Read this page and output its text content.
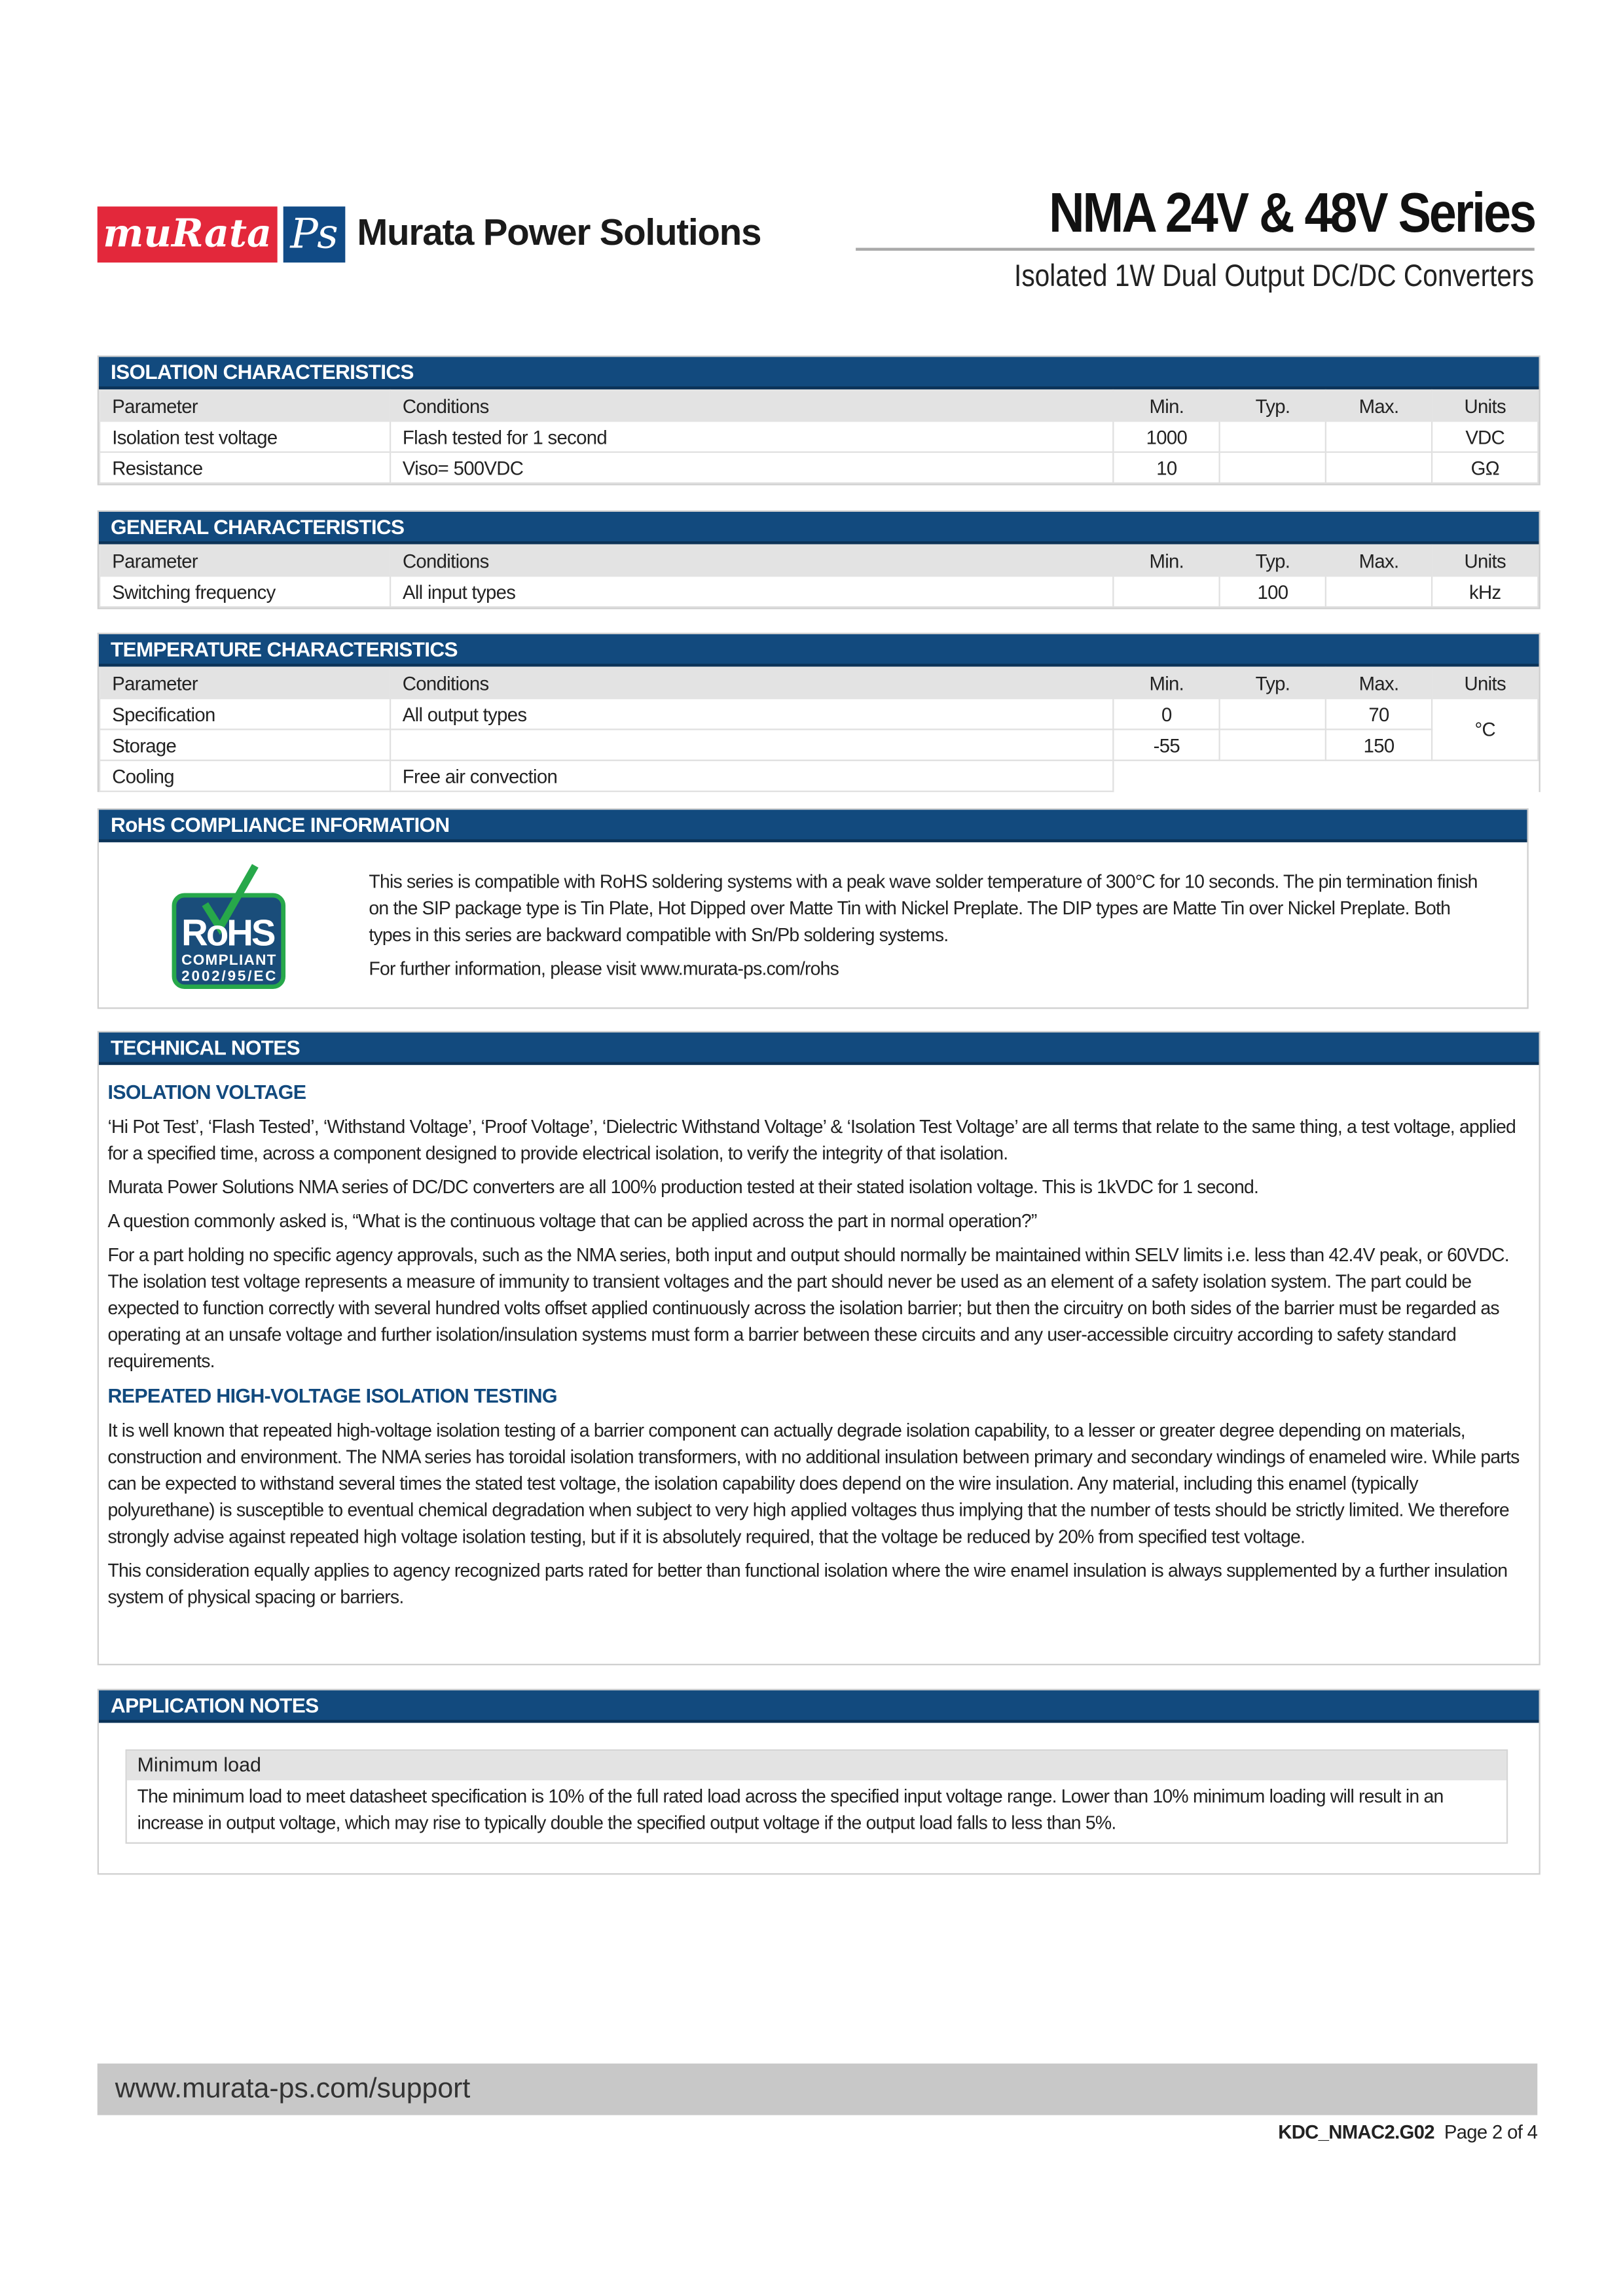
muRata	Ps	Murata Power Solutions	NMA 24V & 48V Series
Isolated 1W Dual Output DC/DC Converters
ISOLATION CHARACTERISTICS
Parameter	Conditions	Min.	Typ.	Max.	Units
Isolation test voltage	Flash tested for 1 second	1000			VDC
Resistance	Viso= 500VDC	10			GΩ
GENERAL CHARACTERISTICS
Parameter	Conditions	Min.	Typ.	Max.	Units
Switching frequency	All input types		100		kHz
TEMPERATURE CHARACTERISTICS
Parameter	Conditions	Min.	Typ.	Max.	Units
Specification	All output types	0		70	°C
Storage		-55		150	
Cooling	Free air convection				
RoHS COMPLIANCE INFORMATION
RoHS
COMPLIANT
2002/95/EC

This series is compatible with RoHS soldering systems with a peak wave solder temperature of 300°C for 10 seconds. The pin termination finish on the SIP package type is Tin Plate, Hot Dipped over Matte Tin with Nickel Preplate. The DIP types are Matte Tin over Nickel Preplate. Both types in this series are backward compatible with Sn/Pb soldering systems.

For further information, please visit www.murata-ps.com/rohs

TECHNICAL NOTES
ISOLATION VOLTAGE

‘Hi Pot Test’, ‘Flash Tested’, ‘Withstand Voltage’, ‘Proof Voltage’, ‘Dielectric Withstand Voltage’ & ‘Isolation Test Voltage’ are all terms that relate to the same thing, a test voltage, applied for a specified time, across a component designed to provide electrical isolation, to verify the integrity of that isolation.

Murata Power Solutions NMA series of DC/DC converters are all 100% production tested at their stated isolation voltage. This is 1kVDC for 1 second.

A question commonly asked is, “What is the continuous voltage that can be applied across the part in normal operation?”

For a part holding no specific agency approvals, such as the NMA series, both input and output should normally be maintained within SELV limits i.e. less than 42.4V peak, or 60VDC. The isolation test voltage represents a measure of immunity to transient voltages and the part should never be used as an element of a safety isolation system. The part could be expected to function correctly with several hundred volts offset applied continuously across the isolation barrier; but then the circuitry on both sides of the barrier must be regarded as operating at an unsafe voltage and further isolation/insulation systems must form a barrier between these circuits and any user-accessible circuitry according to safety standard requirements.

REPEATED HIGH-VOLTAGE ISOLATION TESTING

It is well known that repeated high-voltage isolation testing of a barrier component can actually degrade isolation capability, to a lesser or greater degree depending on materials, construction and environment. The NMA series has toroidal isolation transformers, with no additional insulation between primary and secondary windings of enameled wire. While parts can be expected to withstand several times the stated test voltage, the isolation capability does depend on the wire insulation. Any material, including this enamel (typically polyurethane) is susceptible to eventual chemical degradation when subject to very high applied voltages thus implying that the number of tests should be strictly limited. We therefore strongly advise against repeated high voltage isolation testing, but if it is absolutely required, that the voltage be reduced by 20% from specified test voltage.

This consideration equally applies to agency recognized parts rated for better than functional isolation where the wire enamel insulation is always supplemented by a further insulation system of physical spacing or barriers.

APPLICATION NOTES
Minimum load
The minimum load to meet datasheet specification is 10% of the full rated load across the specified input voltage range. Lower than 10% minimum loading will result in an increase in output voltage, which may rise to typically double the specified output voltage if the output load falls to less than 5%.
www.murata-ps.com/support
KDC_NMAC2.G02 Page 2 of 4
